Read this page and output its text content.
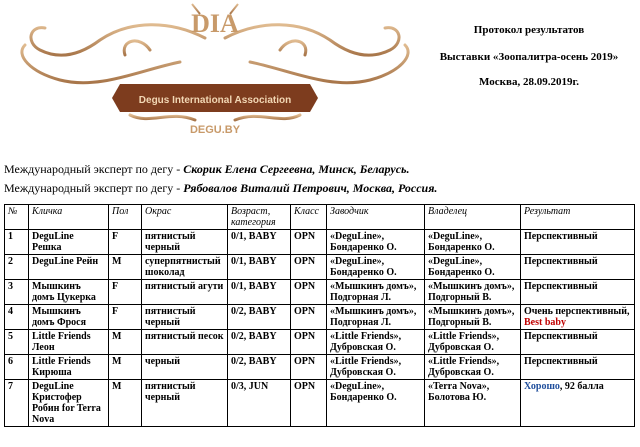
DIA
Degus International Association
DEGU.BY
Протокол результатов
Выставки «Зоопалитра-осень 2019»
Москва, 28.09.2019г.
Международный эксперт по дегу - Скорик Елена Сергеевна, Минск, Беларусь.
Международный эксперт по дегу - Рябовалов Виталий Петрович, Москва, Россия.
№	Кличка	Пол	Окрас	Возраст, категория	Класс	Заводчик	Владелец	Результат
1	DeguLine Решка	F	пятнистый черный	0/1, BABY	OPN	«DeguLine», Бондаренко О.	«DeguLine», Бондаренко О.	Перспективный
2	DeguLine Рейн	M	суперпятнистый шоколад	0/1, BABY	OPN	«DeguLine», Бондаренко О.	«DeguLine», Бондаренко О.	Перспективный
3	Мышкинъ домъ Цукерка	F	пятнистый агути	0/1, BABY	OPN	«Мышкинъ домъ», Подгорная Л.	«Мышкинъ домъ», Подгорный В.	Перспективный
4	Мышкинъ домъ Фрося	F	пятнистый черный	0/2, BABY	OPN	«Мышкинъ домъ», Подгорная Л.	«Мышкинъ домъ», Подгорный В.	Очень перспективный, Best baby
5	Little Friends Леон	M	пятнистый песок	0/2, BABY	OPN	«Little Friends», Дубровская О.	«Little Friends», Дубровская О.	Перспективный
6	Little Friends Кирюша	M	черный	0/2, BABY	OPN	«Little Friends», Дубровская О.	«Little Friends», Дубровская О.	Перспективный
7	DeguLine Кристофер Робин for Terra Nova	M	пятнистый черный	0/3, JUN	OPN	«DeguLine», Бондаренко О.	«Terra Nova», Болотова Ю.	Хорошо, 92 балла
